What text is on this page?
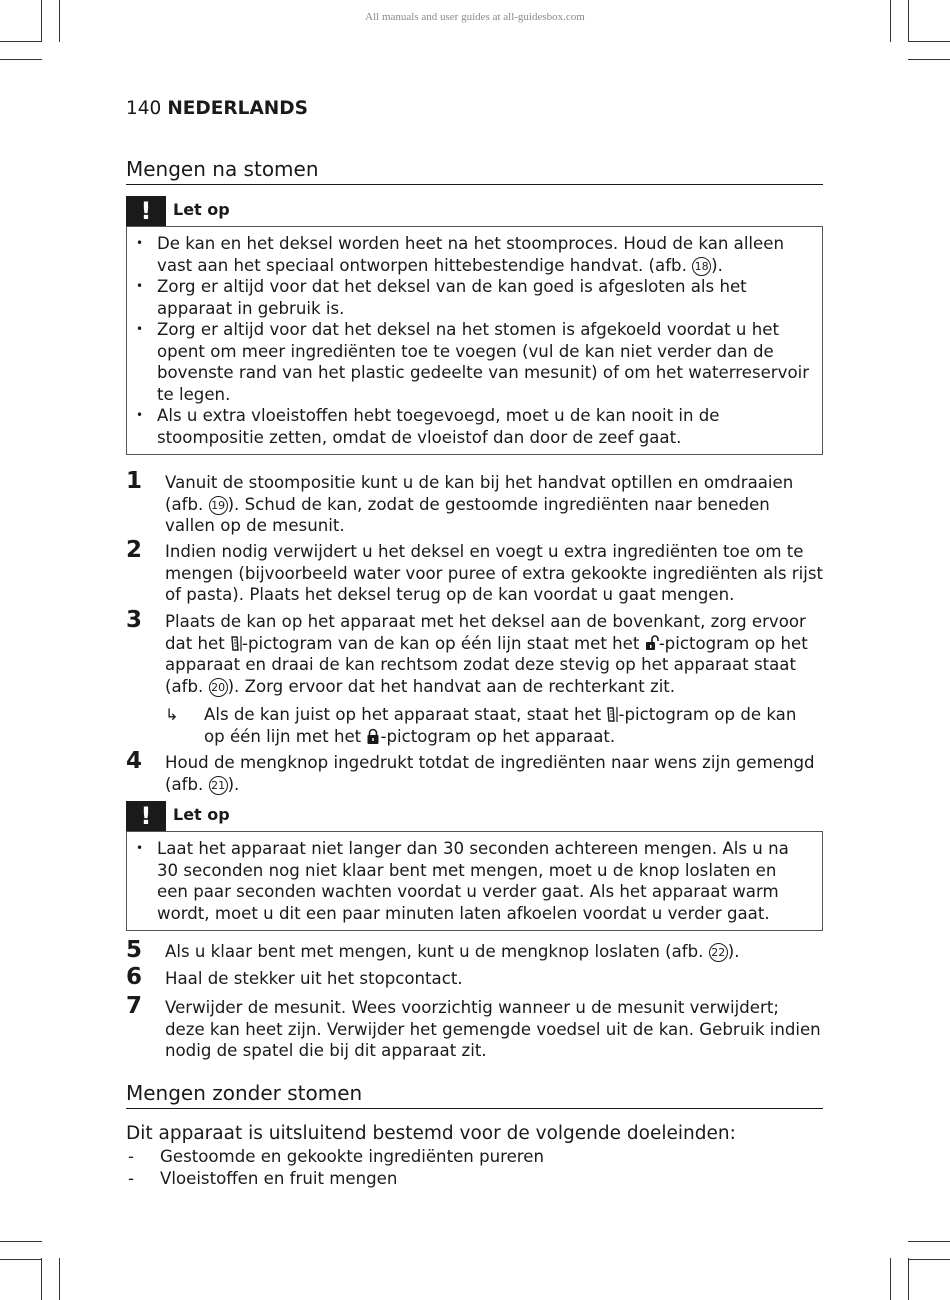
All manuals and user guides at all-guidesbox.com
140 NEDERLANDS
Mengen na stomen
!	Let op
• De kan en het deksel worden heet na het stoomproces. Houd de kan alleen vast aan het speciaal ontworpen hittebestendige handvat. (afb. 18 ).
• Zorg er altijd voor dat het deksel van de kan goed is afgesloten als het apparaat in gebruik is.
• Zorg er altijd voor dat het deksel na het stomen is afgekoeld voordat u het opent om meer ingrediënten toe te voegen (vul de kan niet verder dan de bovenste rand van het plastic gedeelte van mesunit) of om het waterreservoir te legen.
• Als u extra vloeistoffen hebt toegevoegd, moet u de kan nooit in de stoompositie zetten, omdat de vloeistof dan door de zeef gaat.
1 Vanuit de stoompositie kunt u de kan bij het handvat optillen en omdraaien (afb. 19 ). Schud de kan, zodat de gestoomde ingrediënten naar beneden vallen op de mesunit.
2 Indien nodig verwijdert u het deksel en voegt u extra ingrediënten toe om te mengen (bijvoorbeeld water voor puree of extra gekookte ingrediënten als rijst of pasta). Plaats het deksel terug op de kan voordat u gaat mengen.
3 Plaats de kan op het apparaat met het deksel aan de bovenkant, zorg ervoor dat het -pictogram van de kan op één lijn staat met het -pictogram op het apparaat en draai de kan rechtsom zodat deze stevig op het apparaat staat (afb. 20 ). Zorg ervoor dat het handvat aan de rechterkant zit.
↳ Als de kan juist op het apparaat staat, staat het -pictogram op de kan op één lijn met het -pictogram op het apparaat.
4 Houd de mengknop ingedrukt totdat de ingrediënten naar wens zijn gemengd (afb. 21 ).
!	Let op
• Laat het apparaat niet langer dan 30 seconden achtereen mengen. Als u na 30 seconden nog niet klaar bent met mengen, moet u de knop loslaten en een paar seconden wachten voordat u verder gaat. Als het apparaat warm wordt, moet u dit een paar minuten laten afkoelen voordat u verder gaat.
5 Als u klaar bent met mengen, kunt u de mengknop loslaten (afb. 22 ).
6 Haal de stekker uit het stopcontact.
7 Verwijder de mesunit. Wees voorzichtig wanneer u de mesunit verwijdert; deze kan heet zijn. Verwijder het gemengde voedsel uit de kan. Gebruik indien nodig de spatel die bij dit apparaat zit.
Mengen zonder stomen
Dit apparaat is uitsluitend bestemd voor de volgende doeleinden:
- Gestoomde en gekookte ingrediënten pureren
- Vloeistoffen en fruit mengen
